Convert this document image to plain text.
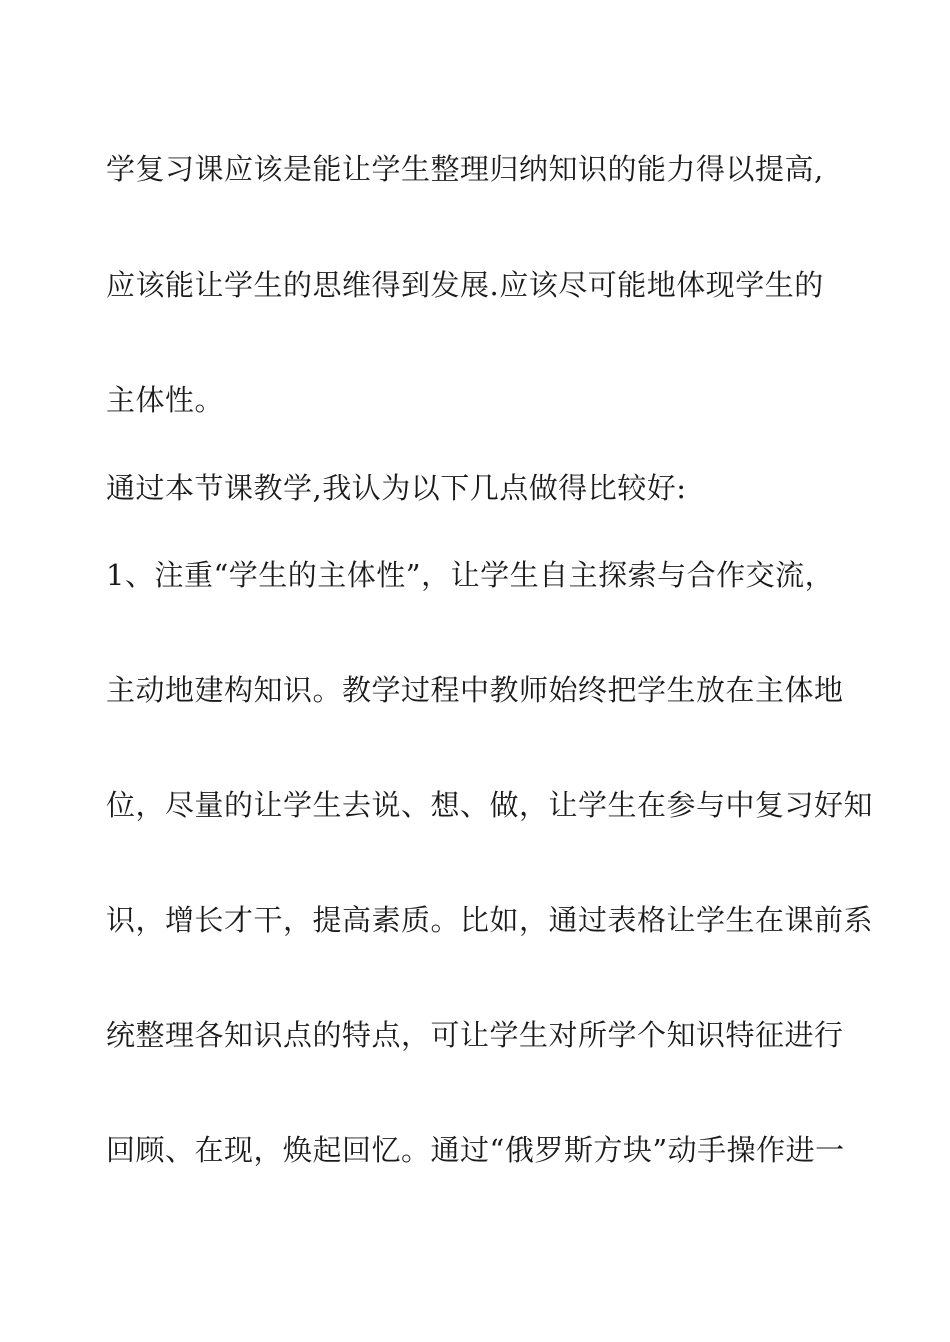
学复习课应该是能让学生整理归纳知识的能力得以提高,
应该能让学生的思维得到发展.应该尽可能地体现学生的
主体性。
通过本节课教学,我认为以下几点做得比较好:
1、注重“学生的主体性”，让学生自主探索与合作交流，
主动地建构知识。教学过程中教师始终把学生放在主体地
位，尽量的让学生去说、想、做，让学生在参与中复习好知
识，增长才干，提高素质。比如，通过表格让学生在课前系
统整理各知识点的特点，可让学生对所学个知识特征进行
回顾、在现，焕起回忆。通过“俄罗斯方块”动手操作进一
